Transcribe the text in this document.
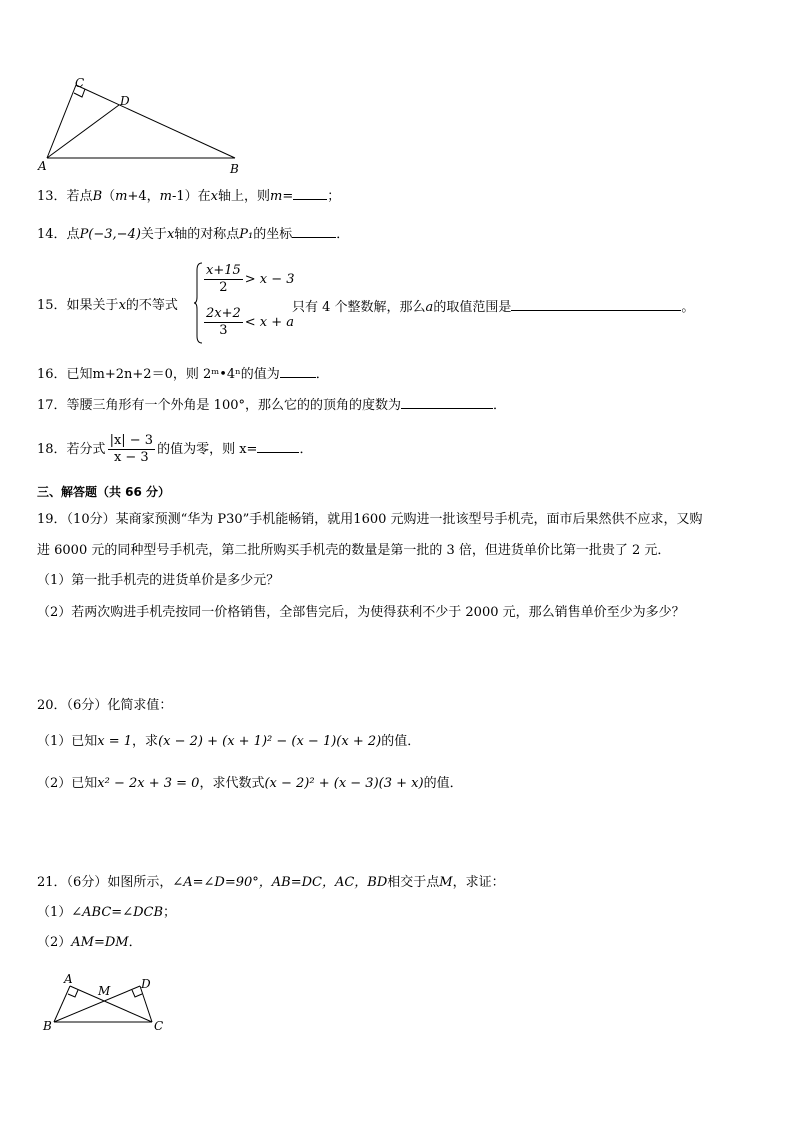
C
D
A	B
13．若点B（m+4，m-1）在x轴上，则m=	；
14．点P(−3,−4)关于x轴的对称点P₁的坐标	．
15．如果关于x的不等式
$\frac{x+15}{2} > x - 3$
$\frac{2x+2}{3} < x + a$
只有 4 个整数解，那么a的取值范围是	。
16．已知m+2n+2＝0，则 2ᵐ•4ⁿ的值为	．
17．等腰三角形有一个外角是 100°，那么它的的顶角的度数为	．
18．若分式 $\frac{|x| - 3}{x - 3}$ 的值为零，则 x=	．
三、解答题（共 66 分）
19．（10分）某商家预测“华为 P30”手机能畅销，就用1600 元购进一批该型号手机壳，面市后果然供不应求，又购
进 6000 元的同种型号手机壳，第二批所购买手机壳的数量是第一批的 3 倍，但进货单价比第一批贵了 2 元．
（1）第一批手机壳的进货单价是多少元？
（2）若两次购进手机壳按同一价格销售，全部售完后，为使得获利不少于 2000 元，那么销售单价至少为多少？
20．（6分）化简求值：
（1）已知x = 1，求(x − 2) + (x + 1)² − (x − 1)(x + 2)的值．
（2）已知x² − 2x + 3 = 0，求代数式(x − 2)² + (x − 3)(3 + x)的值．
21．（6分）如图所示，∠A=∠D=90°，AB=DC，AC，BD相交于点M，求证：
（1）∠ABC=∠DCB；
（2）AM=DM．
A	D
M
B	C
